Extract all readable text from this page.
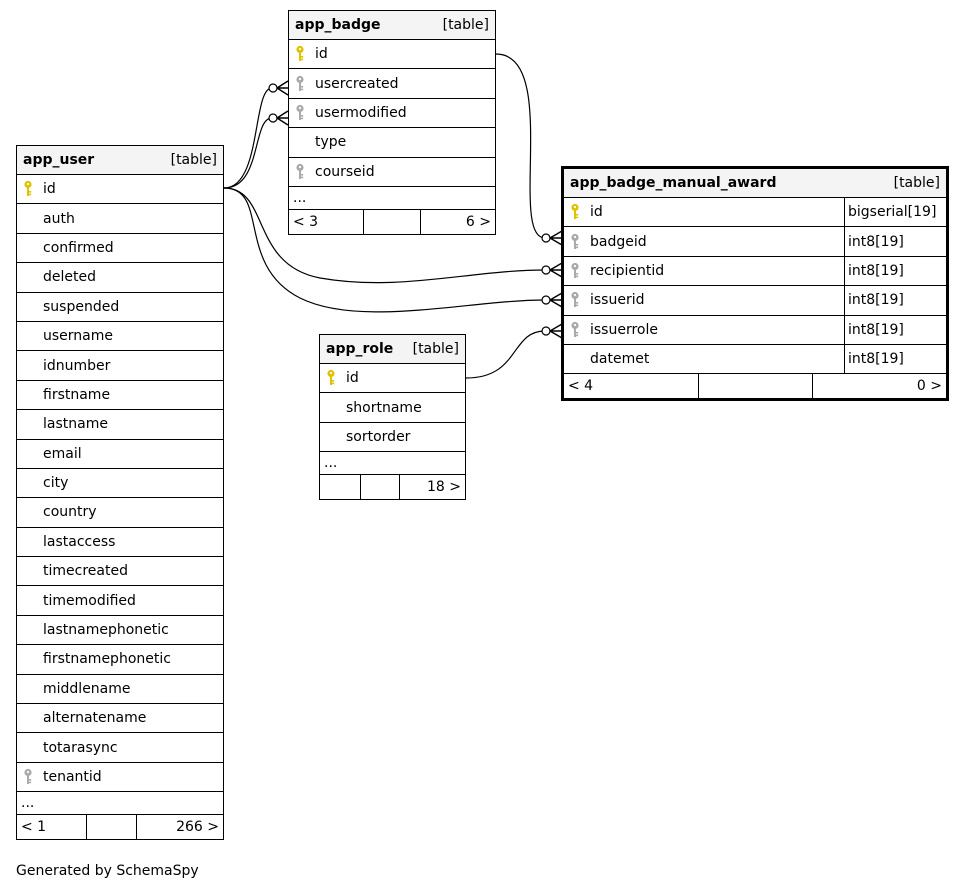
app_badge	[table]
id
usercreated
usermodified
type
courseid
...
< 3	6 >
app_user	[table]
id
auth
confirmed
deleted
suspended
username
idnumber
firstname
lastname
email
city
country
lastaccess
timecreated
timemodified
lastnamephonetic
firstnamephonetic
middlename
alternatename
totarasync
tenantid
...
< 1	266 >
app_role [table]
id
shortname
sortorder
...
18 >
app_badge_manual_award	[table]
id	bigserial[19]
badgeid	int8[19]
recipientid	int8[19]
issuerid	int8[19]
issuerrole	int8[19]
datemet	int8[19]
< 4	0 >
Generated by SchemaSpy
